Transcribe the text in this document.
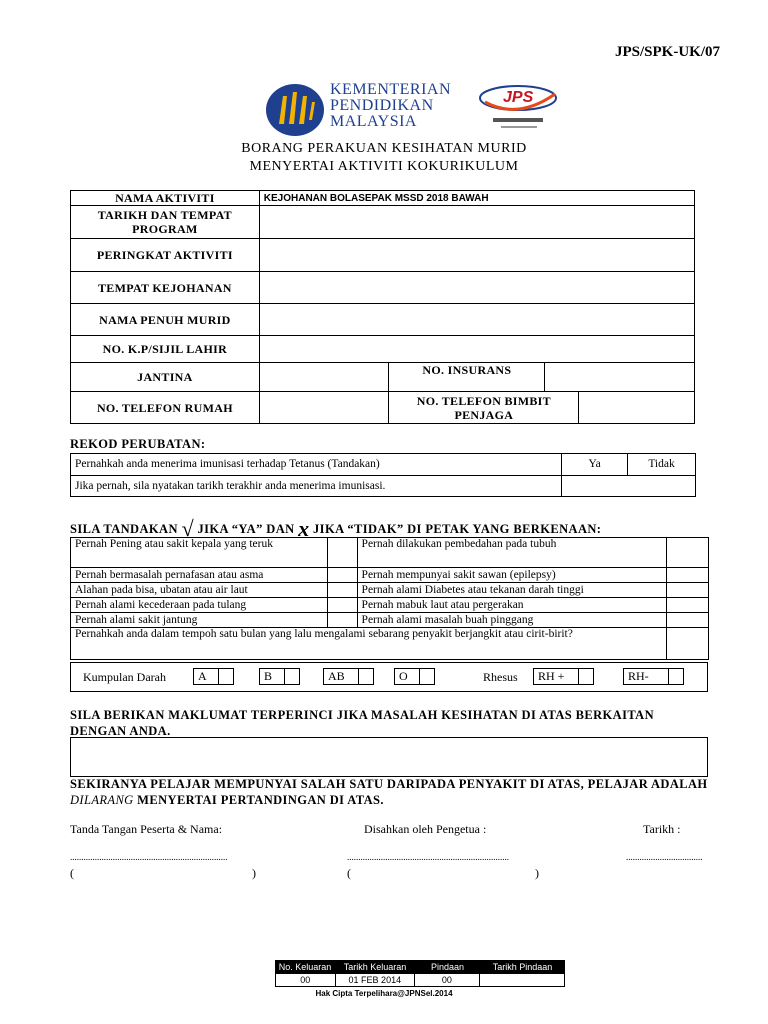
JPS/SPK-UK/07
KEMENTERIAN
PENDIDIKAN
MALAYSIA
JPS
BORANG PERAKUAN KESIHATAN MURID
MENYERTAI AKTIVITI KOKURIKULUM
NAMA AKTIVITI	KEJOHANAN BOLASEPAK MSSD 2018 BAWAH			
TARIKH DAN TEMPAT PROGRAM				
PERINGKAT AKTIVITI				
TEMPAT KEJOHANAN				
NAMA PENUH MURID				
NO. K.P/SIJIL LAHIR				
JANTINA		NO. INSURANS		
NO. TELEFON RUMAH		NO. TELEFON BIMBIT PENJAGA		
REKOD PERUBATAN:
Pernahkah anda menerima imunisasi terhadap Tetanus (Tandakan)	Ya	Tidak
Jika pernah, sila nyatakan tarikh terakhir anda menerima imunisasi.		
SILA TANDAKAN √ JIKA “YA” DAN x JIKA “TIDAK” DI PETAK YANG BERKENAAN:
Pernah Pening atau sakit kepala yang teruk		Pernah dilakukan pembedahan pada tubuh	
Pernah bermasalah pernafasan atau asma		Pernah mempunyai sakit sawan (epilepsy)	
Alahan pada bisa, ubatan atau air laut		Pernah alami Diabetes atau tekanan darah tinggi	
Pernah alami kecederaan pada tulang		Pernah mabuk laut atau pergerakan	
Pernah alami sakit jantung		Pernah alami masalah buah pinggang	
Pernahkah anda dalam tempoh satu bulan yang lalu mengalami sebarang penyakit berjangkit atau cirit-birit?			
Kumpulan Darah	A	B	AB	O	Rhesus	RH +	RH-
SILA BERIKAN MAKLUMAT TERPERINCI JIKA MASALAH KESIHATAN DI ATAS BERKAITAN DENGAN ANDA.
SEKIRANYA PELAJAR MEMPUNYAI SALAH SATU DARIPADA PENYAKIT DI ATAS, PELAJAR ADALAH DILARANG MENYERTAI PERTANDINGAN DI ATAS.
Tanda Tangan Peserta & Nama:	Disahkan oleh Pengetua :	Tarikh :
......................................................................	........................................................................	..................................
(	)	(	)
No. Keluaran	Tarikh Keluaran	Pindaan	Tarikh Pindaan
00	01 FEB 2014	00
Hak Cipta Terpelihara@JPNSel.2014
